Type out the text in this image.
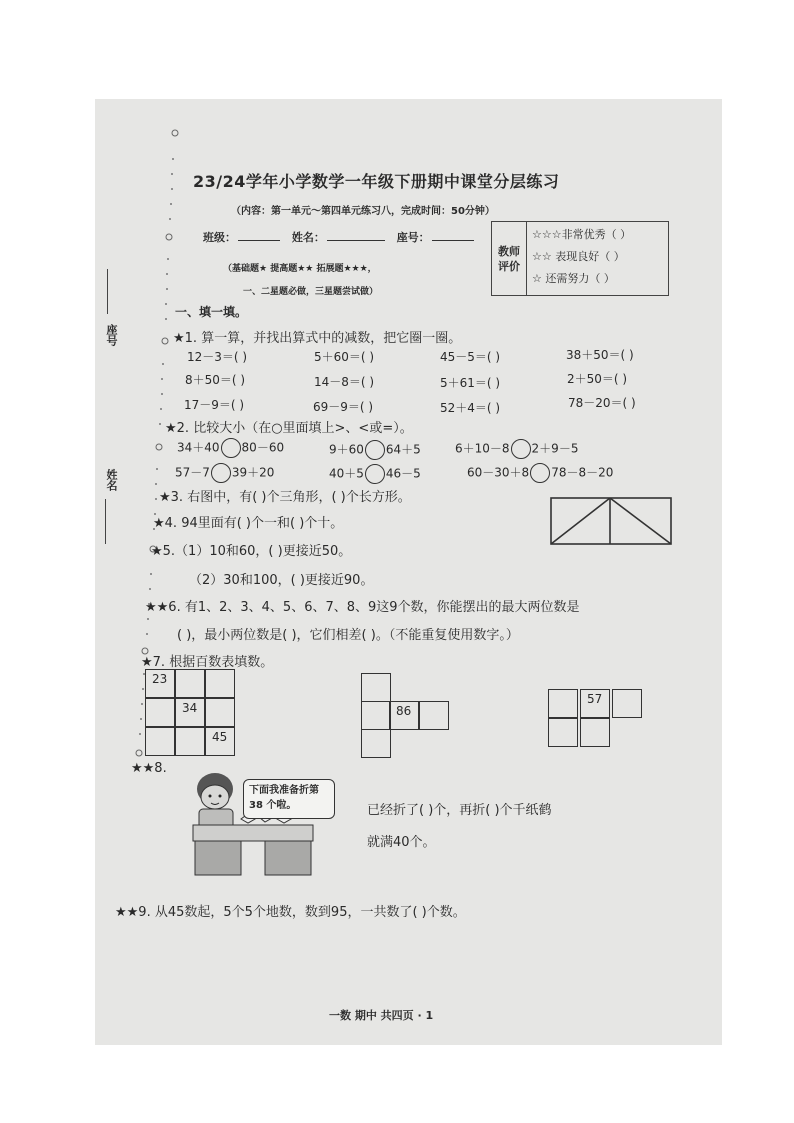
座号
姓名
23/24学年小学数学一年级下册期中课堂分层练习
（内容：第一单元～第四单元练习八，完成时间：50分钟）
班级：	姓名：	座号：
（基础题★ 提高题★★ 拓展题★★★，
一、二星题必做，三星题尝试做）
教师
评价
☆☆☆非常优秀（ ）
☆☆ 表现良好（ ）
☆ 还需努力（ ）
一、填一填。
★1. 算一算，并找出算式中的减数，把它圈一圈。
12－3＝( )	5＋60＝( )	45－5＝( )	38＋50＝( )
8＋50＝( )	14－8＝( )	5＋61＝( )	2＋50＝( )
17－9＝( )	69－9＝( )	52＋4＝( )	78－20＝( )
★2. 比较大小（在○里面填上>、<或=）。
34＋40 80－60	9＋60 64＋5	6＋10－8 2＋9－5
57－7 39＋20	40＋5 46－5	60－30＋8 78－8－20
★3. 右图中，有( )个三角形，( )个长方形。
★4. 94里面有( )个一和( )个十。
★5.（1）10和60，( )更接近50。
（2）30和100，( )更接近90。
★★6. 有1、2、3、4、5、6、7、8、9这9个数，你能摆出的最大两位数是
( )，最小两位数是( )，它们相差( )。（不能重复使用数字。）
★7. 根据百数表填数。
23
34
45
86
57
★★8.
下面我准备折第 38 个啦。	已经折了( )个，再折( )个千纸鹤
就满40个。
★★9. 从45数起，5个5个地数，数到95，一共数了( )个数。
一数 期中 共四页 · 1
